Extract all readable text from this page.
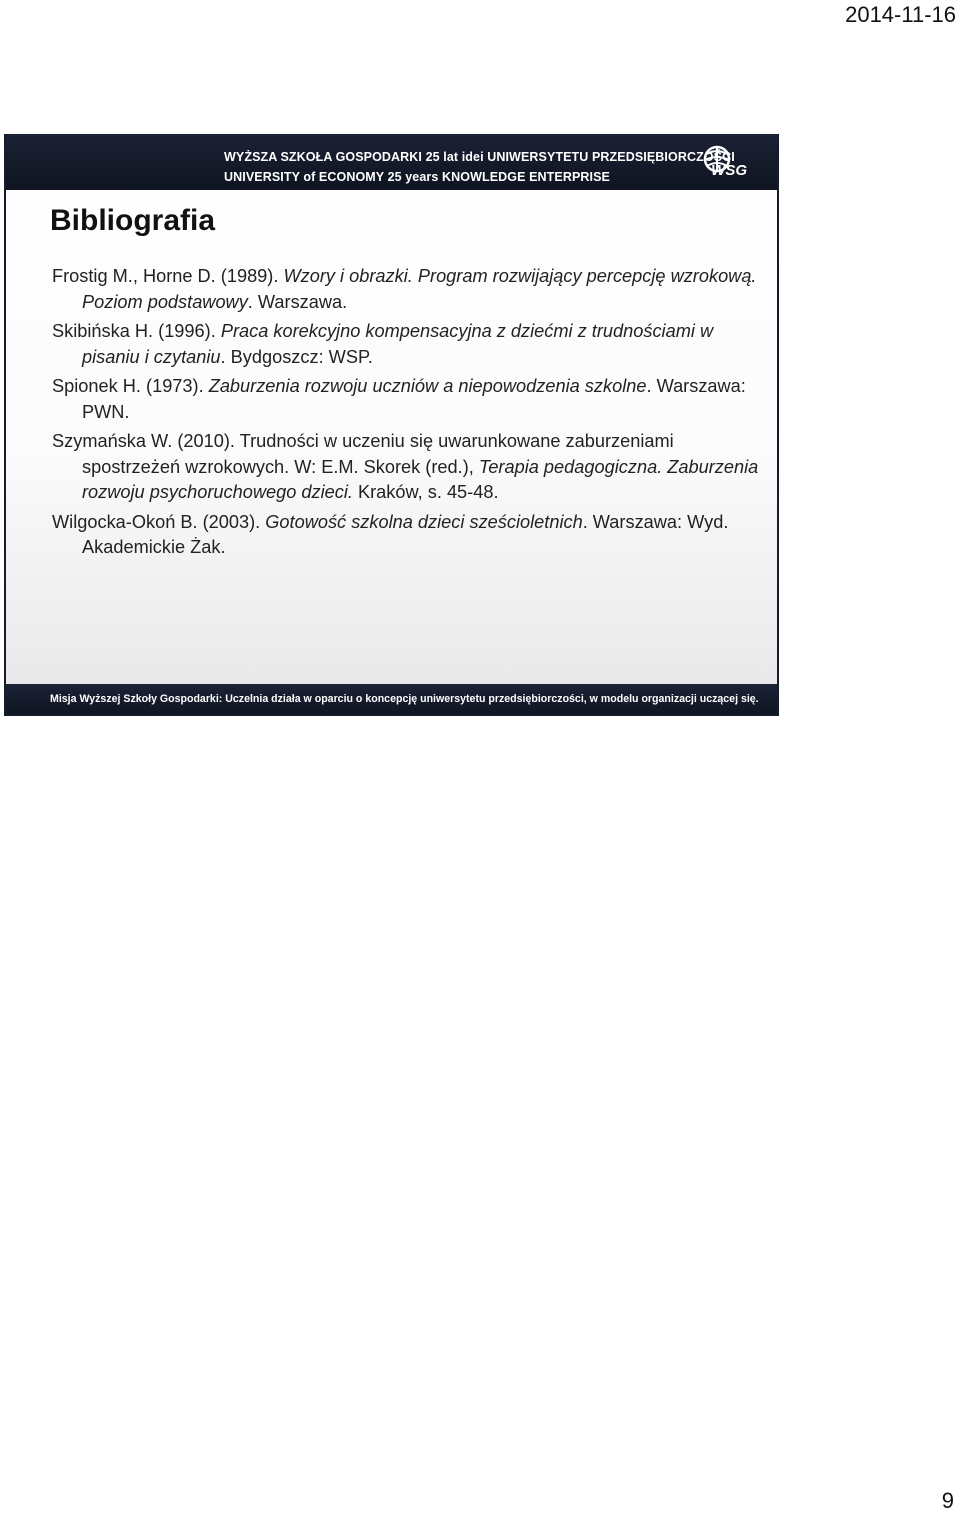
2014-11-16
WYŻSZA SZKOŁA GOSPODARKI 25 lat idei UNIWERSYTETU PRZEDSIĘBIORCZOŚCI
UNIVERSITY of ECONOMY 25 years KNOWLEDGE ENTERPRISE	WSG
Bibliografia
Frostig M., Horne D. (1989). Wzory i obrazki. Program rozwijający percepcję wzrokową. Poziom podstawowy. Warszawa.
Skibińska H. (1996). Praca korekcyjno kompensacyjna z dziećmi z trudnościami w pisaniu i czytaniu. Bydgoszcz: WSP.
Spionek H. (1973). Zaburzenia rozwoju uczniów a niepowodzenia szkolne. Warszawa: PWN.
Szymańska W. (2010). Trudności w uczeniu się uwarunkowane zaburzeniami spostrzeżeń wzrokowych. W: E.M. Skorek (red.), Terapia pedagogiczna. Zaburzenia rozwoju psychoruchowego dzieci. Kraków, s. 45-48.
Wilgocka-Okoń B. (2003). Gotowość szkolna dzieci sześcioletnich. Warszawa: Wyd. Akademickie Żak.
Misja Wyższej Szkoły Gospodarki: Uczelnia działa w oparciu o koncepcję uniwersytetu przedsiębiorczości, w modelu organizacji uczącej się.
9
